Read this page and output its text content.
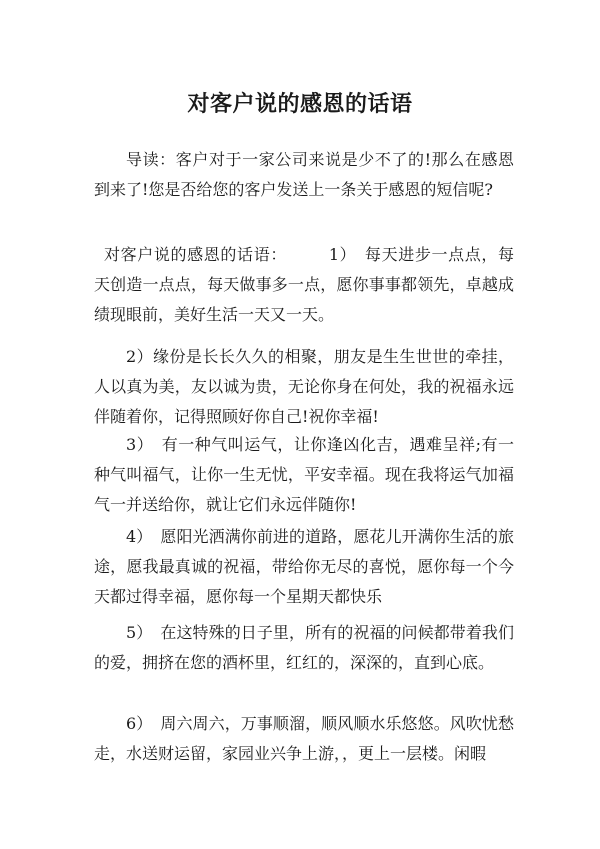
对客户说的感恩的话语

导读：客户对于一家公司来说是少不了的!那么在感恩到来了!您是否给您的客户发送上一条关于感恩的短信呢?

对客户说的感恩的话语：　　　1）　每天进步一点点，每天创造一点点，每天做事多一点，愿你事事都领先，卓越成绩现眼前，美好生活一天又一天。

2）缘份是长长久久的相聚，朋友是生生世世的牵挂，人以真为美，友以诚为贵，无论你身在何处，我的祝福永远伴随着你，记得照顾好你自己!祝你幸福!

3）　有一种气叫运气，让你逢凶化吉，遇难呈祥;有一种气叫福气，让你一生无忧，平安幸福。现在我将运气加福气一并送给你，就让它们永远伴随你!

4）　愿阳光洒满你前进的道路，愿花儿开满你生活的旅途，愿我最真诚的祝福，带给你无尽的喜悦，愿你每一个今天都过得幸福，愿你每一个星期天都快乐

5）　在这特殊的日子里，所有的祝福的问候都带着我们的爱，拥挤在您的酒杯里，红红的，深深的，直到心底。

6）　周六周六，万事顺溜，顺风顺水乐悠悠。风吹忧愁走，水送财运留，家园业兴争上游，，更上一层楼。闲暇
